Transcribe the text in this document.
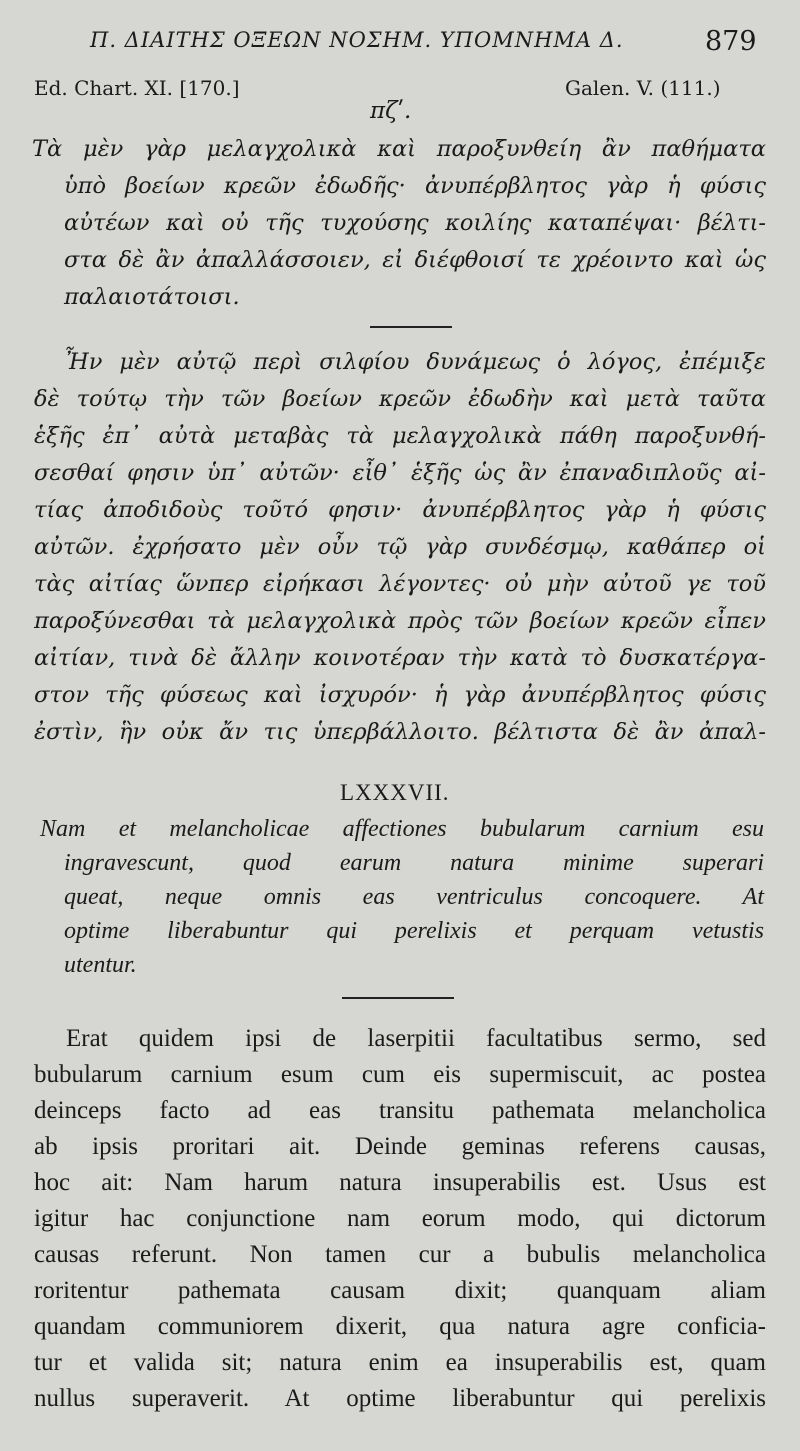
Π. ΔΙΑΙΤΗΣ ΟΞΕΩΝ ΝΟΣΗΜ. ΥΠΟΜΝΗΜΑ Δ.	879
Ed. Chart. XI. [170.]	Galen. V. (111.)
πζʹ.
Τὰ μὲν γὰρ μελαγχολικὰ καὶ παροξυνθείη ἂν παθήματα
ὑπὸ βοείων κρεῶν ἐδωδῆς· ἀνυπέρβλητος γὰρ ἡ φύσις
αὐτέων καὶ οὐ τῆς τυχούσης κοιλίης καταπέψαι· βέλτι-
στα δὲ ἂν ἀπαλλάσσοιεν, εἰ διέφθοισί τε χρέοιντο καὶ ὡς
παλαιοτάτοισι.
Ἦν μὲν αὐτῷ περὶ σιλφίου δυνάμεως ὁ λόγος, ἐπέμιξε
δὲ τούτῳ τὴν τῶν βοείων κρεῶν ἐδωδὴν καὶ μετὰ ταῦτα
ἑξῆς ἐπ᾽ αὐτὰ μεταβὰς τὰ μελαγχολικὰ πάθη παροξυνθή-
σεσθαί φησιν ὑπ᾽ αὐτῶν· εἶθ᾽ ἑξῆς ὡς ἂν ἐπαναδιπλοῦς αἰ-
τίας ἀποδιδοὺς τοῦτό φησιν· ἀνυπέρβλητος γὰρ ἡ φύσις
αὐτῶν. ἐχρήσατο μὲν οὖν τῷ γὰρ συνδέσμῳ, καθάπερ οἱ
τὰς αἰτίας ὥνπερ εἰρήκασι λέγοντες· οὐ μὴν αὐτοῦ γε τοῦ
παροξύνεσθαι τὰ μελαγχολικὰ πρὸς τῶν βοείων κρεῶν εἶπεν
αἰτίαν, τινὰ δὲ ἄλλην κοινοτέραν τὴν κατὰ τὸ δυσκατέργα-
στον τῆς φύσεως καὶ ἰσχυρόν· ἡ γὰρ ἀνυπέρβλητος φύσις
ἐστὶν, ἣν οὐκ ἄν τις ὑπερβάλλοιτο. βέλτιστα δὲ ἂν ἀπαλ-
LXXXVII.
Nam et melancholicae affectiones bubularum carnium esu
ingravescunt, quod earum natura minime superari
queat, neque omnis eas ventriculus concoquere. At
optime liberabuntur qui perelixis et perquam vetustis
utentur.
Erat quidem ipsi de laserpitii facultatibus sermo, sed
bubularum carnium esum cum eis supermiscuit, ac postea
deinceps facto ad eas transitu pathemata melancholica
ab ipsis proritari ait. Deinde geminas referens causas,
hoc ait: Nam harum natura insuperabilis est. Usus est
igitur hac conjunctione nam eorum modo, qui dictorum
causas referunt. Non tamen cur a bubulis melancholica
roritentur pathemata causam dixit; quanquam aliam
quandam communiorem dixerit, qua natura agre conficia-
tur et valida sit; natura enim ea insuperabilis est, quam
nullus superaverit. At optime liberabuntur qui perelixis
